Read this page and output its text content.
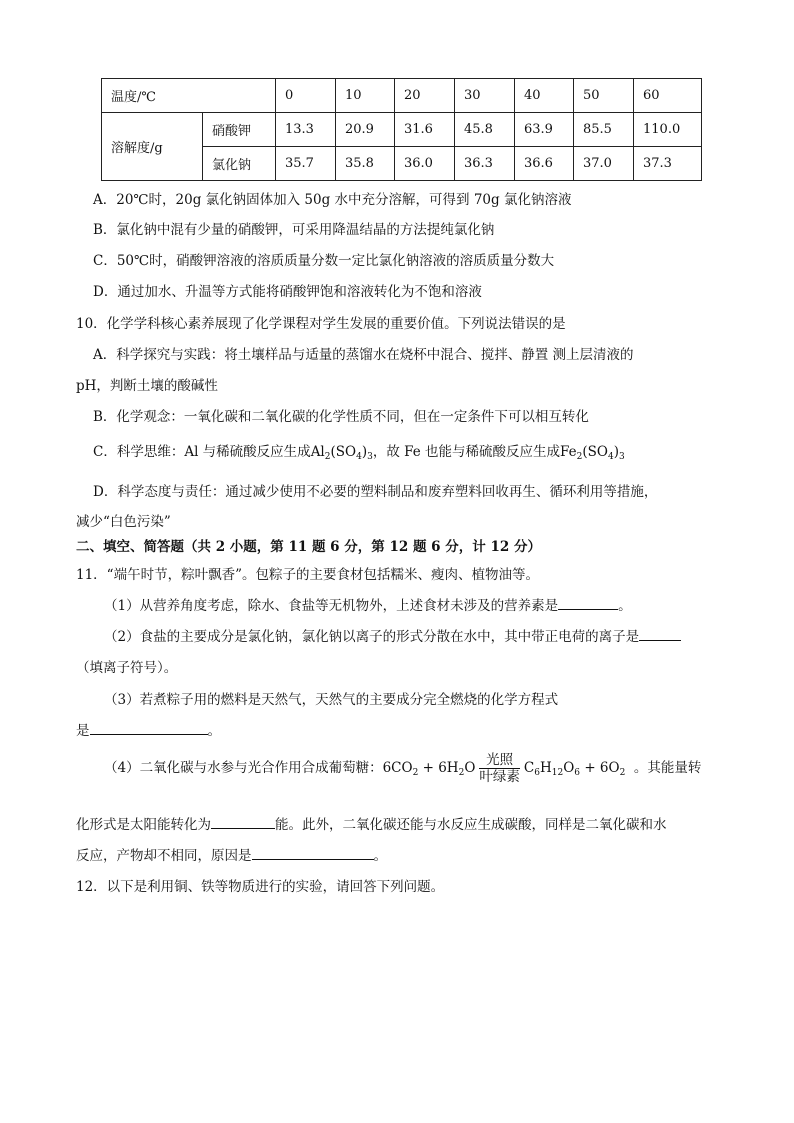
温度/℃		0	10	20	30	40	50	60
溶解度/g	硝酸钾	13.3	20.9	31.6	45.8	63.9	85.5	110.0
	氯化钠	35.7	35.8	36.0	36.3	36.6	37.0	37.3
A．20℃时，20g 氯化钠固体加入 50g 水中充分溶解，可得到 70g 氯化钠溶液
B．氯化钠中混有少量的硝酸钾，可采用降温结晶的方法提纯氯化钠
C．50℃时，硝酸钾溶液的溶质质量分数一定比氯化钠溶液的溶质质量分数大
D．通过加水、升温等方式能将硝酸钾饱和溶液转化为不饱和溶液
10．化学学科核心素养展现了化学课程对学生发展的重要价值。下列说法错误的是
A．科学探究与实践：将土壤样品与适量的蒸馏水在烧杯中混合、搅拌、静置 测上层清液的
pH，判断土壤的酸碱性
B．化学观念：一氧化碳和二氧化碳的化学性质不同，但在一定条件下可以相互转化
C．科学思维：Al 与稀硫酸反应生成$Al_2(SO_4)_3$，故 Fe 也能与稀硫酸反应生成$Fe_2(SO_4)_3$
D．科学态度与责任：通过减少使用不必要的塑料制品和废弃塑料回收再生、循环利用等措施，
减少“白色污染”
二、填空、简答题（共 2 小题，第 11 题 6 分，第 12 题 6 分，计 12 分）
11．“端午时节，粽叶飘香”。包粽子的主要食材包括糯米、瘦肉、植物油等。
（1）从营养角度考虑，除水、食盐等无机物外，上述食材未涉及的营养素是	。
（2）食盐的主要成分是氯化钠，氯化钠以离子的形式分散在水中，其中带正电荷的离子是
（填离子符号）。
（3）若煮粽子用的燃料是天然气，天然气的主要成分完全燃烧的化学方程式
是	。
（4）二氧化碳与水参与光合作用合成葡萄糖：$6CO_2 + 6H_2O \frac{\text{光照}}{\text{叶绿素}} C_6H_{12}O_6 + 6O_2$ 。其能量转
化形式是太阳能转化为	能。此外，二氧化碳还能与水反应生成碳酸，同样是二氧化碳和水
反应，产物却不相同，原因是	。
12．以下是利用铜、铁等物质进行的实验，请回答下列问题。
